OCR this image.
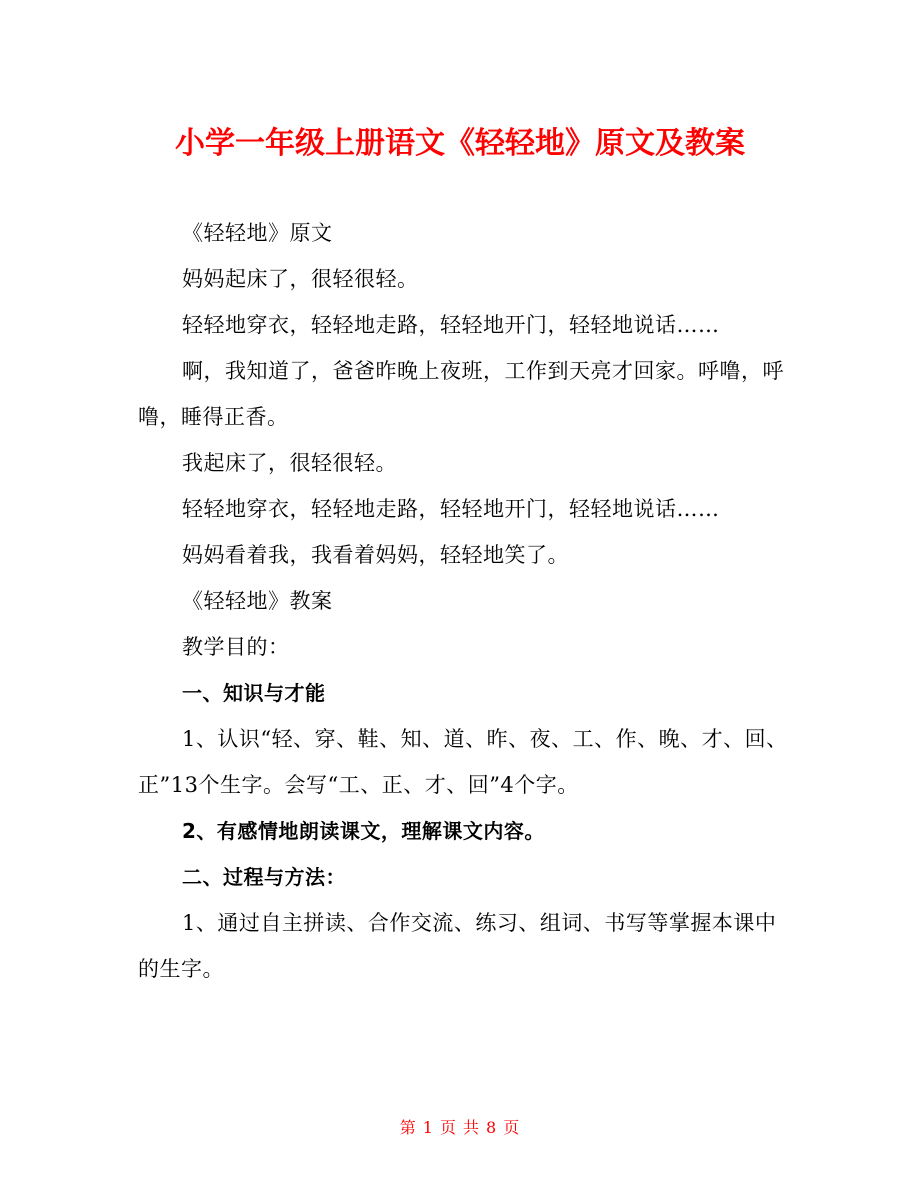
小学一年级上册语文《轻轻地》原文及教案

《轻轻地》原文

妈妈起床了，很轻很轻。

轻轻地穿衣，轻轻地走路，轻轻地开门，轻轻地说话……

啊，我知道了，爸爸昨晚上夜班，工作到天亮才回家。呼噜，呼噜，睡得正香。

我起床了，很轻很轻。

轻轻地穿衣，轻轻地走路，轻轻地开门，轻轻地说话……

妈妈看着我，我看着妈妈，轻轻地笑了。

《轻轻地》教案

教学目的：

一、知识与才能

1、认识“轻、穿、鞋、知、道、昨、夜、工、作、晚、才、回、正”13个生字。会写“工、正、才、回”4个字。

2、有感情地朗读课文，理解课文内容。

二、过程与方法：

1、通过自主拼读、合作交流、练习、组词、书写等掌握本课中的生字。

第 1 页 共 8 页
